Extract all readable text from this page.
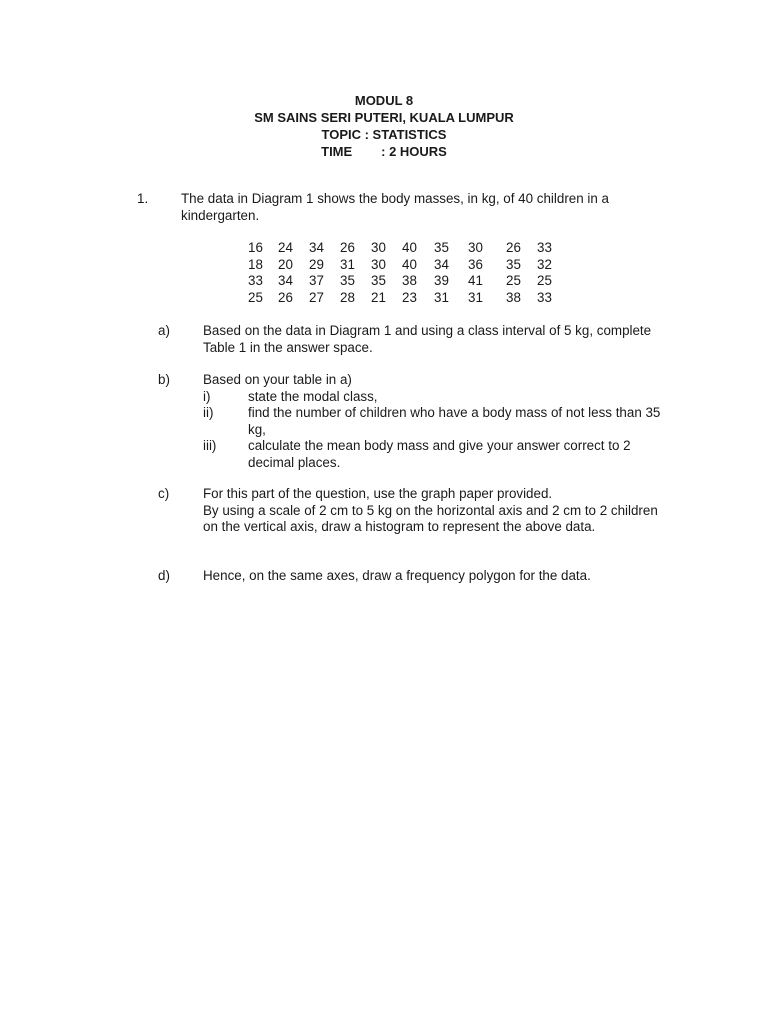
MODUL 8
SM SAINS SERI PUTERI, KUALA LUMPUR
TOPIC : STATISTICS
TIME : 2 HOURS
1. The data in Diagram 1 shows the body masses, in kg, of 40 children in a kindergarten.
16	24	34	26	30	40	35	30	26	33
18	20	29	31	30	40	34	36	35	32
33	34	37	35	35	38	39	41	25	25
25	26	27	28	21	23	31	31	38	33
a) Based on the data in Diagram 1 and using a class interval of 5 kg, complete Table 1 in the answer space.
b) Based on your table in a)
i)	state the modal class,
ii)	find the number of children who have a body mass of not less than 35 kg,
iii) calculate the mean body mass and give your answer correct to 2 decimal places.
c)	For this part of the question, use the graph paper provided.
By using a scale of 2 cm to 5 kg on the horizontal axis and 2 cm to 2 children on the vertical axis, draw a histogram to represent the above data.
d) Hence, on the same axes, draw a frequency polygon for the data.
